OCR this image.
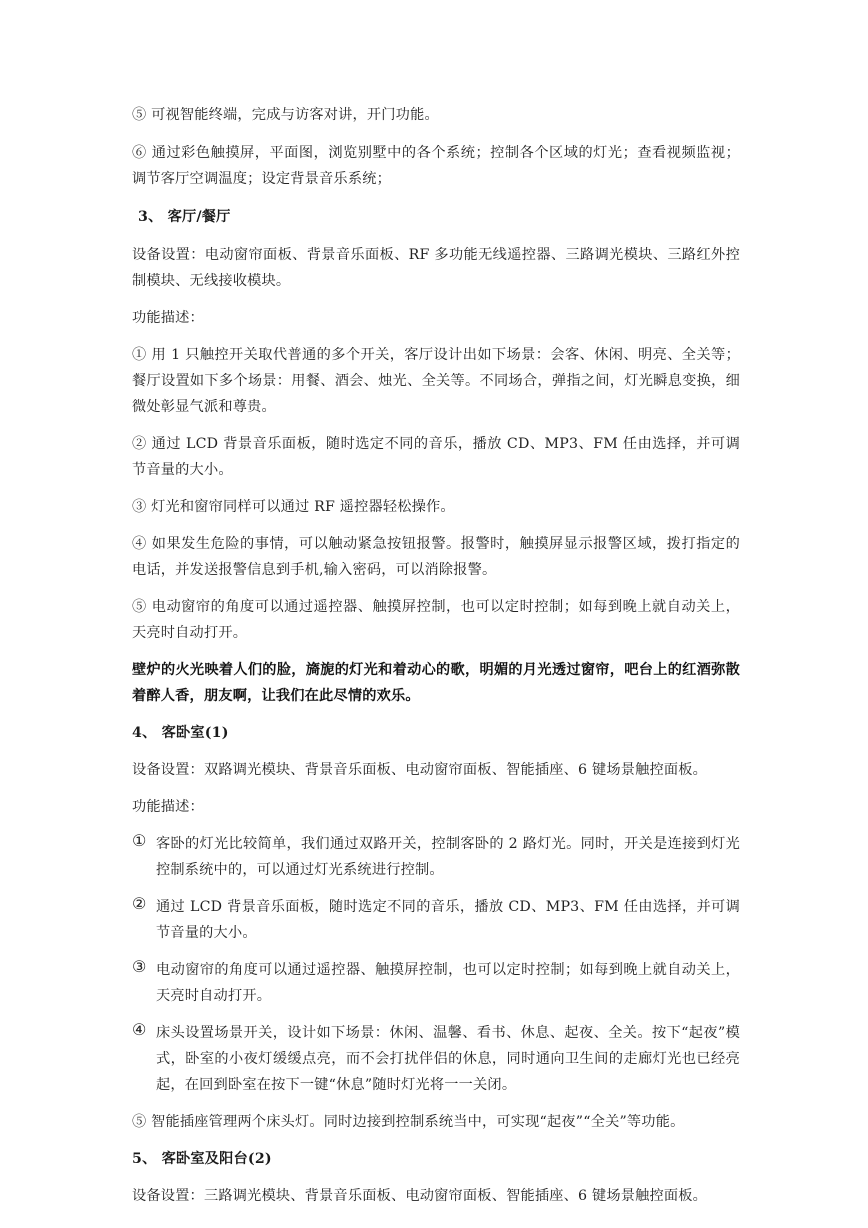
⑤ 可视智能终端，完成与访客对讲，开门功能。

⑥ 通过彩色触摸屏，平面图，浏览别墅中的各个系统；控制各个区域的灯光；查看视频监视；调节客厅空调温度；设定背景音乐系统；

3、 客厅/餐厅

设备设置：电动窗帘面板、背景音乐面板、RF 多功能无线遥控器、三路调光模块、三路红外控制模块、无线接收模块。

功能描述：

① 用 1 只触控开关取代普通的多个开关，客厅设计出如下场景：会客、休闲、明亮、全关等；餐厅设置如下多个场景：用餐、酒会、烛光、全关等。不同场合，弹指之间，灯光瞬息变换，细微处彰显气派和尊贵。

② 通过 LCD 背景音乐面板，随时选定不同的音乐，播放 CD、MP3、FM 任由选择，并可调节音量的大小。

③ 灯光和窗帘同样可以通过 RF 遥控器轻松操作。

④ 如果发生危险的事情，可以触动紧急按钮报警。报警时，触摸屏显示报警区域，拨打指定的电话，并发送报警信息到手机,输入密码，可以消除报警。

⑤ 电动窗帘的角度可以通过遥控器、触摸屏控制，也可以定时控制；如每到晚上就自动关上，天亮时自动打开。

壁炉的火光映着人们的脸，旖旎的灯光和着动心的歌，明媚的月光透过窗帘，吧台上的红酒弥散着醉人香，朋友啊，让我们在此尽情的欢乐。

4、 客卧室(1)

设备设置：双路调光模块、背景音乐面板、电动窗帘面板、智能插座、6 键场景触控面板。

功能描述：

① 客卧的灯光比较简单，我们通过双路开关，控制客卧的 2 路灯光。同时，开关是连接到灯光控制系统中的，可以通过灯光系统进行控制。

② 通过 LCD 背景音乐面板，随时选定不同的音乐，播放 CD、MP3、FM 任由选择，并可调节音量的大小。

③ 电动窗帘的角度可以通过遥控器、触摸屏控制，也可以定时控制；如每到晚上就自动关上，天亮时自动打开。

④ 床头设置场景开关，设计如下场景：休闲、温馨、看书、休息、起夜、全关。按下“起夜”模式，卧室的小夜灯缓缓点亮，而不会打扰伴侣的休息，同时通向卫生间的走廊灯光也已经亮起，在回到卧室在按下一键“休息”随时灯光将一一关闭。

⑤ 智能插座管理两个床头灯。同时边接到控制系统当中，可实现“起夜”“全关”等功能。

5、 客卧室及阳台(2)

设备设置：三路调光模块、背景音乐面板、电动窗帘面板、智能插座、6 键场景触控面板。
